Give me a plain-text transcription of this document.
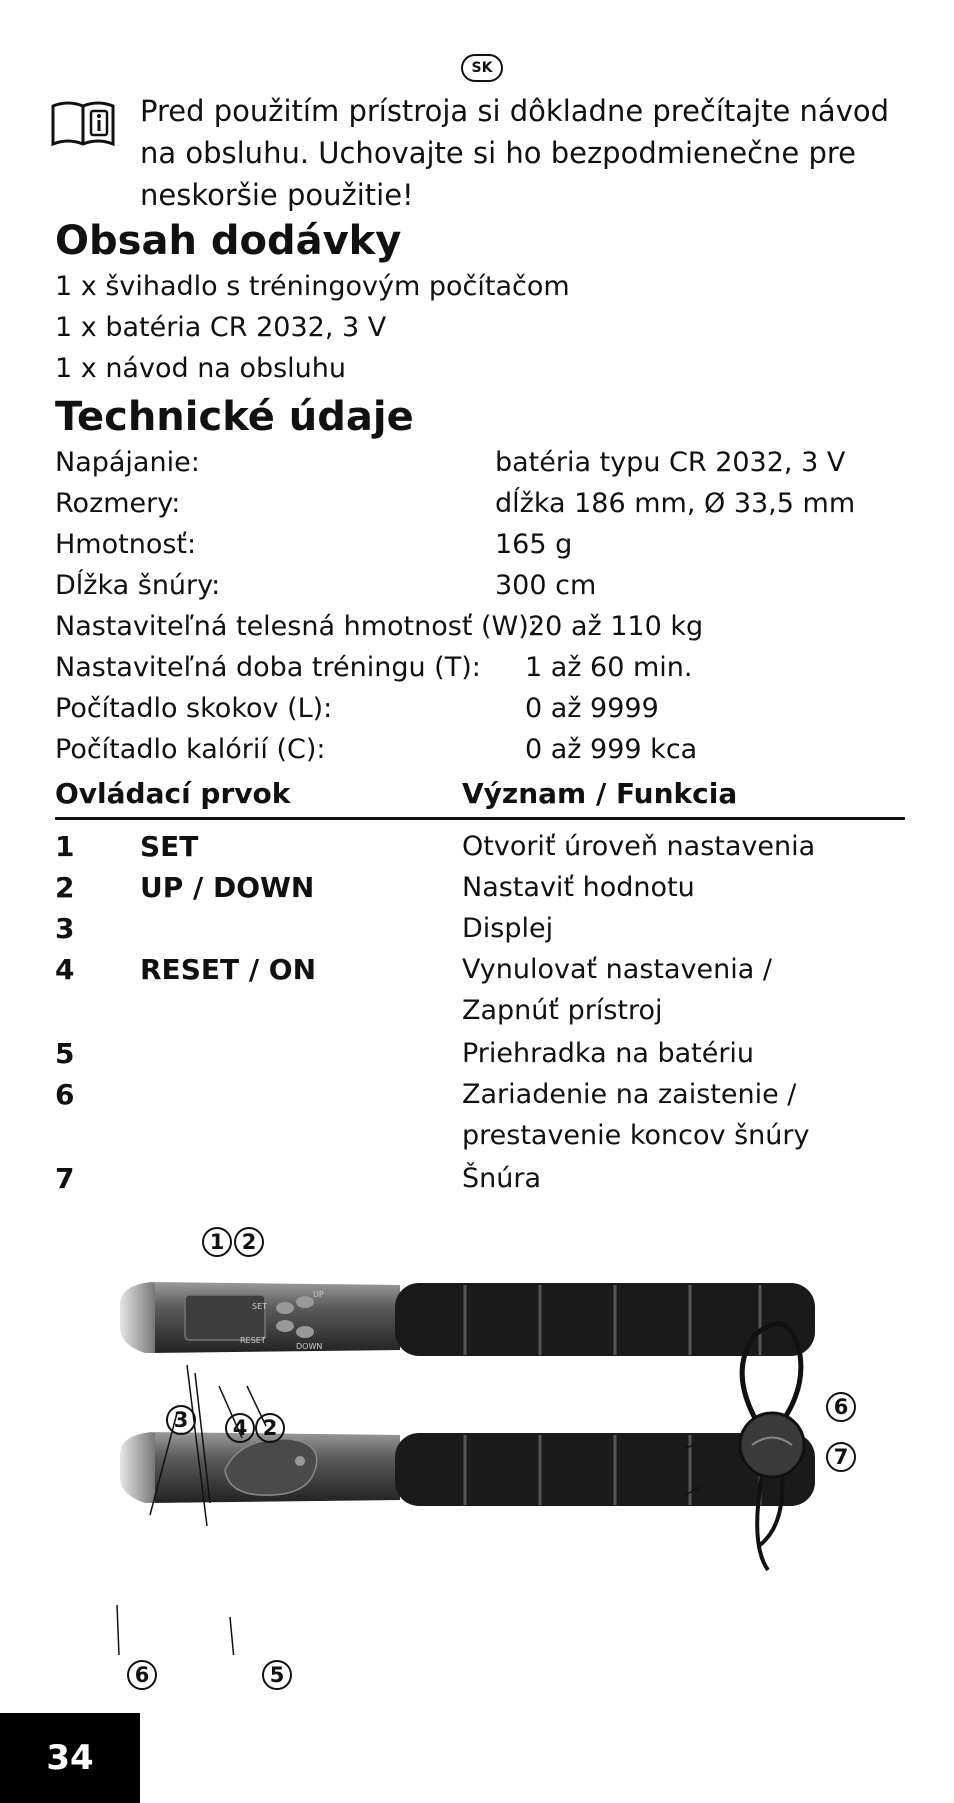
SK
Pred použitím prístroja si dôkladne prečítajte návod
na obsluhu. Uchovajte si ho bezpodmienečne pre
neskoršie použitie!
Obsah dodávky
1 x švihadlo s tréningovým počítačom
1 x batéria CR 2032, 3 V
1 x návod na obsluhu
Technické údaje
Napájanie:	batéria typu CR 2032, 3 V
Rozmery:	dĺžka 186 mm, Ø 33,5 mm
Hmotnosť:	165 g
Dĺžka šnúry:	300 cm
Nastaviteľná telesná hmotnosť (W):
20 až 110 kg
Nastaviteľná doba tréningu (T): 1 až 60 min.
Počítadlo skokov (L):	0 až 9999
Počítadlo kalórií (C):	0 až 999 kca
Ovládací prvok	Význam / Funkcia
1 SET	Otvoriť úroveň nastavenia
2 UP / DOWN	Nastaviť hodnotu
3	Displej
4 RESET / ON	Vynulovať nastavenia /
Zapnúť prístroj
5	Priehradka na batériu
6	Zariadenie na zaistenie /
prestavenie koncov šnúry
7	Šnúra
SET
UP
RESET
DOWN
1 2
3 4 2
6
7
6	5
34
